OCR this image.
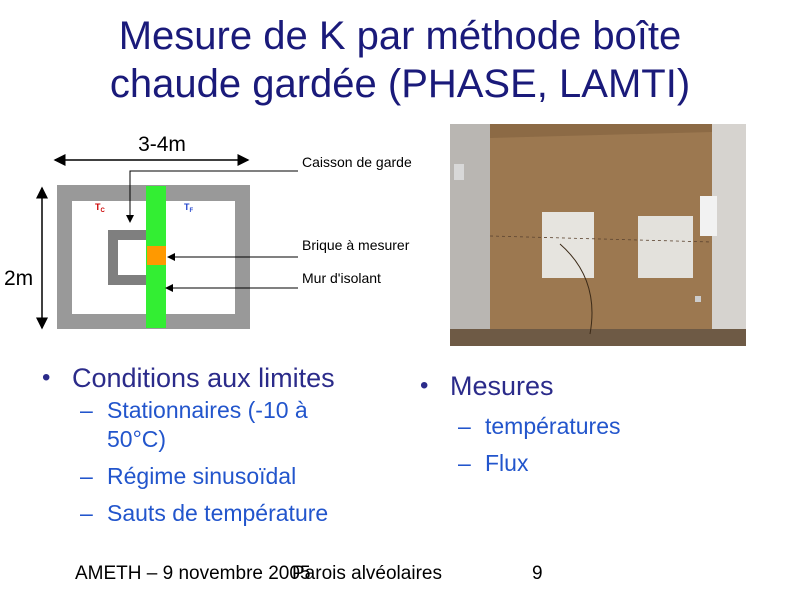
Mesure de K par méthode boîte
chaude gardée (PHASE, LAMTI)
3-4m
2m
$T_C$	$T_F$
Caisson de garde
Brique à mesurer
Mur d'isolant
• Conditions aux limites
– Stationnaires (-10 à
50°C)
– Régime sinusoïdal
– Sauts de température
• Mesures
– températures
– Flux
AMETH – 9 novembre 2005
Parois alvéolaires	9
